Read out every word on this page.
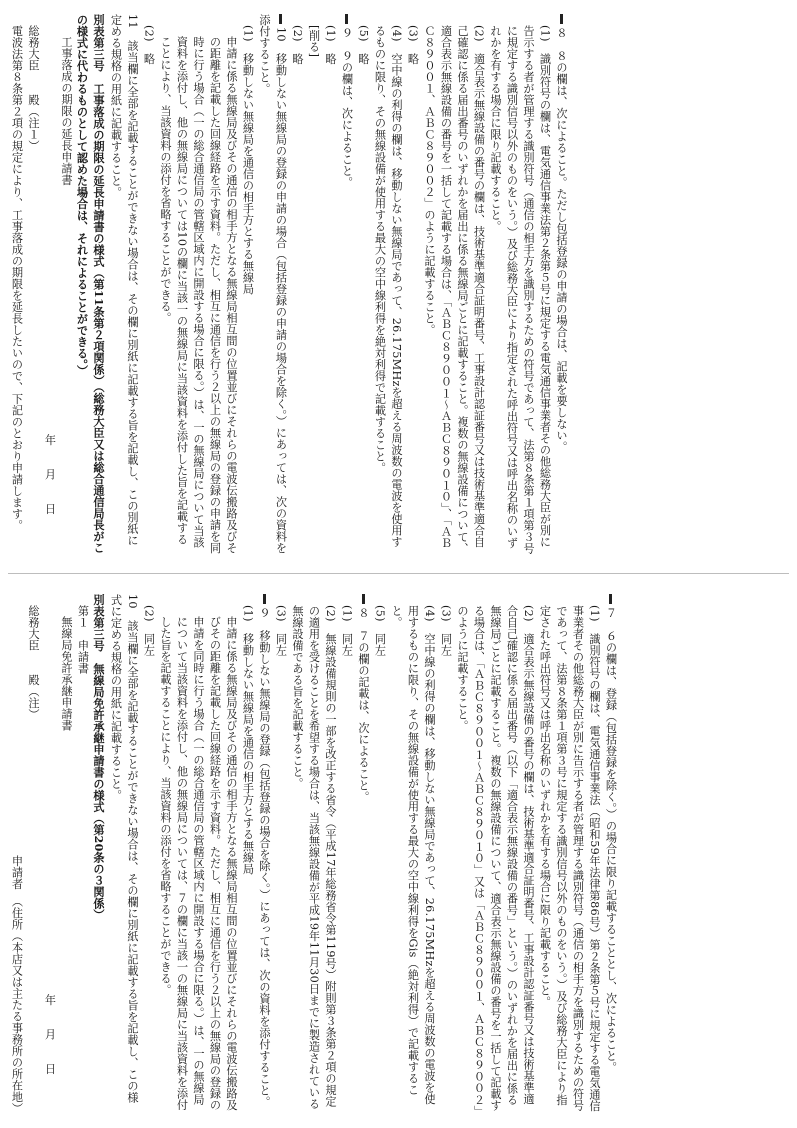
８　８の欄は、次によること。ただし包括登録の申請の場合は、記載を要しない。

(1)　識別符号の欄は、電気通信事業法第２条第５号に規定する電気通信事業者その他総務大臣が別に告示する者が管理する識別符号（通信の相手方を識別するための符号であって、法第８条第１項第３号に規定する識別信号以外のものをいう。）及び総務大臣により指定された呼出符号又は呼出名称のいずれかを有する場合に限り記載すること。

(2)　適合表示無線設備の番号の欄は、技術基準適合証明番号、工事設計認証番号又は技術基準適合自己確認に係る届出番号のいずれかを届出に係る無線局ごとに記載すること。複数の無線設備について、適合表示無線設備の番号を一括して記載する場合は、「ＡＢＣ８９００１～ＡＢＣ８９０１０」、「ＡＢＣ８９００１、ＡＢＣ８９００２」のように記載すること。

(3)　略

(4)　空中線の利得の欄は、移動しない無線局であって、26.175MHzを超える周波数の電波を使用するものに限り、その無線設備が使用する最大の空中線利得を絶対利得で記載すること。

(5)　略

９　９の欄は、次によること。

(1)　略

[削る]

(2)　略

10　移動しない無線局の登録の申請の場合（包括登録の申請の場合を除く。）にあっては、次の資料を添付すること。

(1)　移動しない無線局を通信の相手方とする無線局

申請に係る無線局及びその通信の相手方となる無線局相互間の位置並びにそれらの電波伝搬路及びその距離を記載した回線経路を示す資料。ただし、相互に通信を行う２以上の無線局の登録の申請を同時に行う場合（一の総合通信局の管轄区域内に開設する場合に限る。）は、一の無線局について当該資料を添付し、他の無線局については10の欄に当該一の無線局に当該資料を添付した旨を記載することにより、当該資料の添付を省略することができる。

(2)　略

11　該当欄に全部を記載することができない場合は、その欄に別紙に記載する旨を記載し、この別紙に定める規格の用紙に記載すること。

別表第三号　工事落成の期限の延長申請書の様式（第11条第２項関係）（総務大臣又は総合通信局長がこの様式に代わるものとして認めた場合は、それによることができる。）

工事落成の期限の延長申請書

年　　月　　日

総務大臣　　殿（注１）

電波法第８条第２項の規定により、工事落成の期限を延長したいので、下記のとおり申請します。

７　６の欄は、登録（包括登録を除く。）の場合に限り記載することとし、次によること。

(1)　識別符号の欄は、電気通信事業法（昭和59年法律第86号）第２条第５号に規定する電気通信事業者その他総務大臣が別に告示する者が管理する識別符号（通信の相手方を識別するための符号であって、法第８条第１項第３号に規定する識別信号以外のものをいう。）及び総務大臣により指定された呼出符号又は呼出名称のいずれかを有する場合に限り記載すること。

(2)　適合表示無線設備の番号の欄は、技術基準適合証明番号、工事設計認証番号又は技術基準適合自己確認に係る届出番号（以下「適合表示無線設備の番号」という。）のいずれかを届出に係る無線局ごとに記載すること。複数の無線設備について、適合表示無線設備の番号を一括して記載する場合は、「ＡＢＣ８９００１～ＡＢＣ８９０１０」又は「ＡＢＣ８９００１、ＡＢＣ８９００２」のように記載すること。

(3)　同左

(4)　空中線の利得の欄は、移動しない無線局であって、26.175MHzを超える周波数の電波を使用するものに限り、その無線設備が使用する最大の空中線利得をGis（絶対利得）で記載すること。

(5)　同左

８　７の欄の記載は、次によること。

(1)　同左

(2)　無線設備規則の一部を改正する省令（平成17年総務省令第119号）附則第３条第２項の規定の適用を受けることを希望する場合は、当該無線設備が平成19年11月30日までに製造されている無線設備である旨を記載すること。

(3)　同左

９　移動しない無線局の登録（包括登録の場合を除く。）にあっては、次の資料を添付すること。

(1)　移動しない無線局を通信の相手方とする無線局

申請に係る無線局及びその通信の相手方となる無線局相互間の位置並びにそれらの電波伝搬路及びその距離を記載した回線経路を示す資料。ただし、相互に通信を行う２以上の無線局の登録の申請を同時に行う場合（一の総合通信局の管轄区域内に開設する場合に限る。）は、一の無線局について当該資料を添付し、他の無線局については、７の欄に当該一の無線局に当該資料を添付した旨を記載することにより、当該資料の添付を省略することができる。

(2)　同左

10　該当欄に全部を記載することができない場合は、その欄に別紙に記載する旨を記載し、この様式に定める規格の用紙に記載すること。

別表第三号　無線局免許承継申請書の様式（第20条の３関係）

第１　申請書

無線局免許承継申請書

年　　月　　日

総務大臣　　殿（注）

申請者　（住所（本店又は主たる事務所の所在地）
